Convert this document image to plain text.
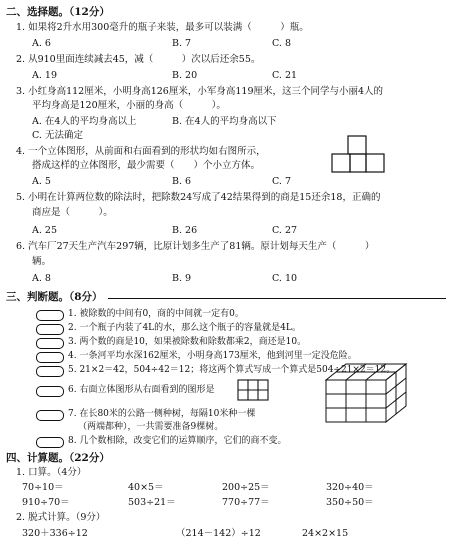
二、选择题。（12分）
1. 如果将2升水用300毫升的瓶子来装，最多可以装满（　　　）瓶。
A. 6	B. 7	C. 8
2. 从910里面连续减去45，减（　　　）次以后还余55。
A. 19	B. 20	C. 21
3. 小红身高112厘米，小明身高126厘米，小军身高119厘米，这三个同学与小丽4人的
平均身高是120厘米，小丽的身高（　　　）。
A. 在4人的平均身高以上	B. 在4人的平均身高以下
C. 无法确定
4. 一个立体图形，从前面和右面看到的形状均如右图所示，
搭成这样的立体图形，最少需要（　　）个小立方体。
A. 5	B. 6	C. 7
5. 小明在计算两位数的除法时，把除数24写成了42结果得到的商是15还余18，正确的
商应是（　　　）。
A. 25	B. 26	C. 27
6. 汽车厂27天生产汽车297辆，比原计划多生产了81辆。原计划每天生产（　　　）
辆。
A. 8	B. 9	C. 10
三、判断题。（8分）
1. 被除数的中间有0，商的中间就一定有0。
2. 一个瓶子内装了4L的水，那么这个瓶子的容量就是4L。
3. 两个数的商是10，如果被除数和除数都乘2，商还是10。
4. 一条河平均水深162厘米，小明身高173厘米，他到河里一定没危险。
5. 21×2＝42，504÷42＝12；将这两个算式写成一个算式是504÷21×2＝12。
6. 右面立体图形从右面看到的图形是
7. 在长80米的公路一侧种树，每隔10米种一棵
（两端都种），一共需要准备9棵树。
8. 几个数相除，改变它们的运算顺序，它们的商不变。
四、计算题。（22分）
1. 口算。（4分）
70÷10＝	40×5＝	200÷25＝	320÷40＝
910÷70＝	503÷21＝	770÷77＝	350÷50＝
2. 脱式计算。（9分）
320＋336÷12	（214－142）÷12	24×2×15
